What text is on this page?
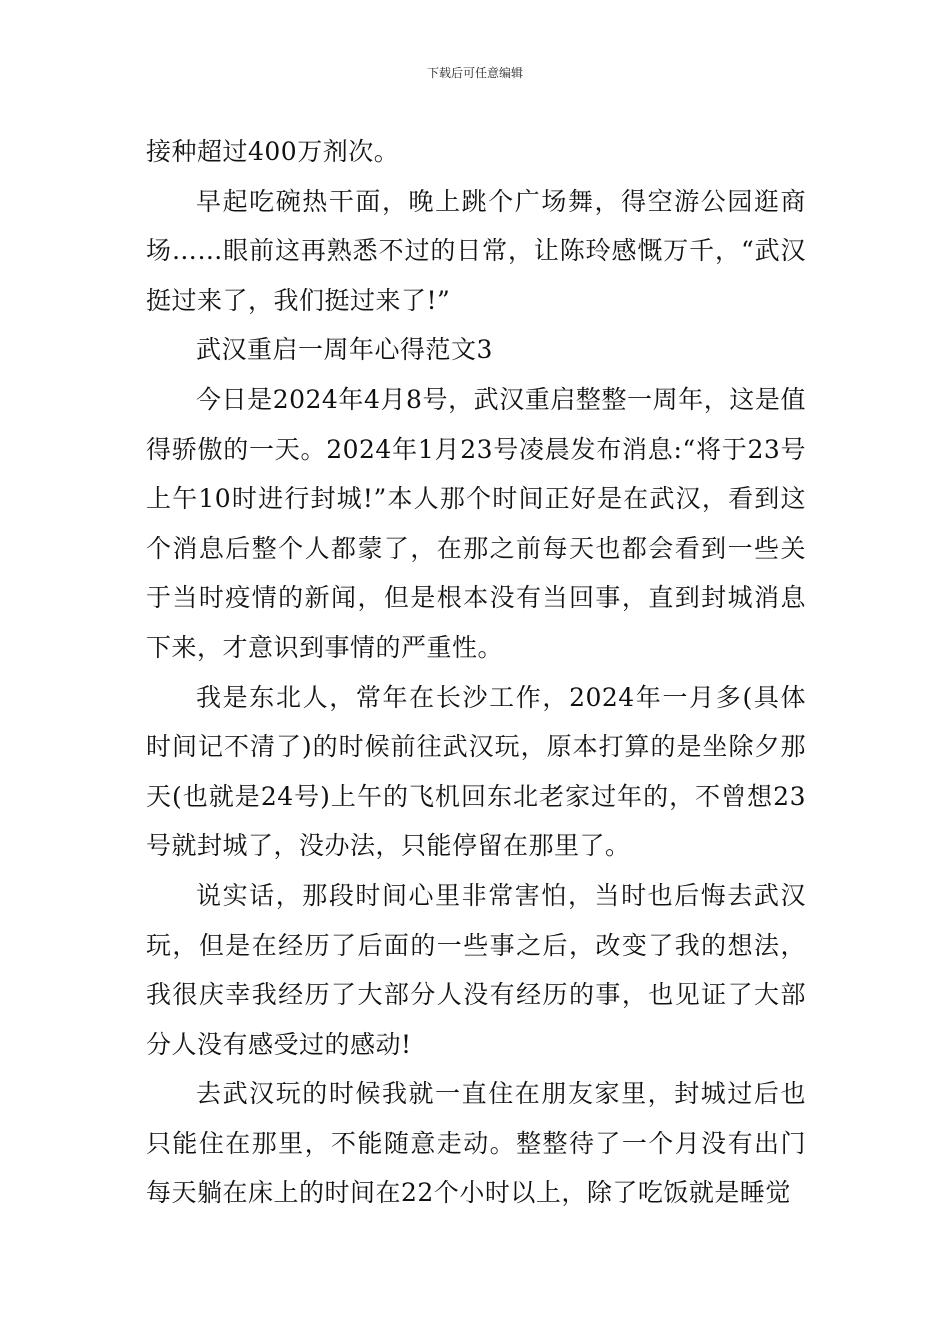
下载后可任意编辑

接种超过400万剂次。

早起吃碗热干面，晚上跳个广场舞，得空游公园逛商场……眼前这再熟悉不过的日常，让陈玲感慨万千，“武汉挺过来了，我们挺过来了!”

武汉重启一周年心得范文3

今日是2024年4月8号，武汉重启整整一周年，这是值得骄傲的一天。2024年1月23号凌晨发布消息:“将于23号上午10时进行封城!”本人那个时间正好是在武汉，看到这个消息后整个人都蒙了，在那之前每天也都会看到一些关于当时疫情的新闻，但是根本没有当回事，直到封城消息下来，才意识到事情的严重性。

我是东北人，常年在长沙工作，2024年一月多(具体时间记不清了)的时候前往武汉玩，原本打算的是坐除夕那天(也就是24号)上午的飞机回东北老家过年的，不曾想23号就封城了，没办法，只能停留在那里了。

说实话，那段时间心里非常害怕，当时也后悔去武汉玩，但是在经历了后面的一些事之后，改变了我的想法，我很庆幸我经历了大部分人没有经历的事，也见证了大部分人没有感受过的感动!

去武汉玩的时候我就一直住在朋友家里，封城过后也只能住在那里，不能随意走动。整整待了一个月没有出门每天躺在床上的时间在22个小时以上，除了吃饭就是睡觉
